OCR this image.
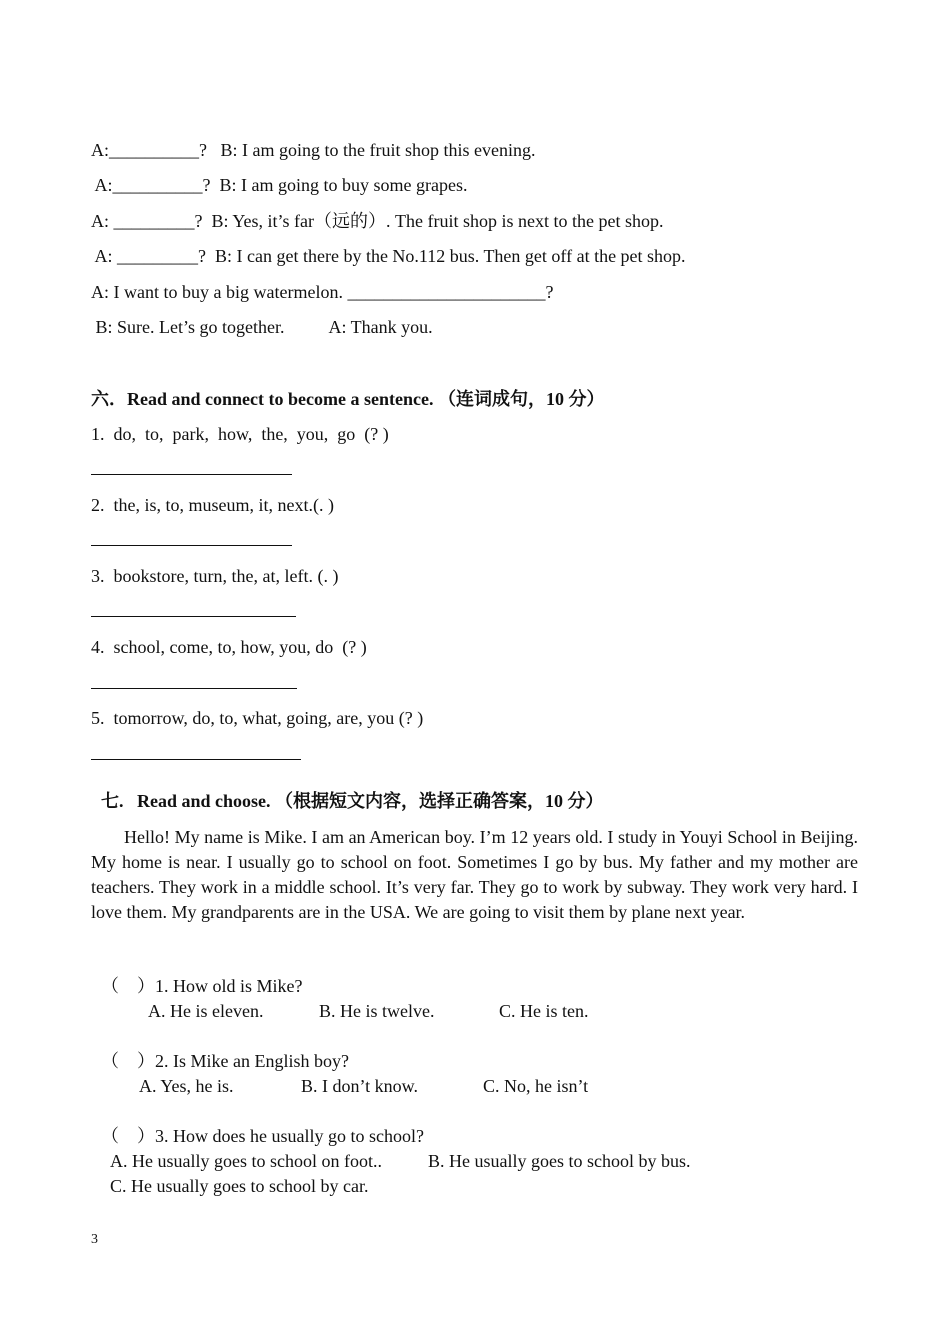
A:__________?   B: I am going to the fruit shop this evening.
A:__________?  B: I am going to buy some grapes.
A: _________?  B: Yes, it’s far（远的）. The fruit shop is next to the pet shop.
A: _________?  B: I can get there by the No.112 bus. Then get off at the pet shop.
A: I want to buy a big watermelon. ______________________?
B: Sure. Let’s go together.          A: Thank you.
六．Read and connect to become a sentence. （连词成句，10 分）
1.  do,  to,  park,  how,  the,  you,  go  (? )
2.  the, is, to, museum, it, next.(. )
3.  bookstore, turn, the, at, left. (. )
4.  school, come, to, how, you, do  (? )
5.  tomorrow, do, to, what, going, are, you (? )
七.   Read and choose. （根据短文内容，选择正确答案，10 分）
Hello! My name is Mike. I am an American boy. I’m 12 years old. I study in Youyi School in Beijing. My home is near. I usually go to school on foot. Sometimes I go by bus. My father and my mother are teachers. They work in a middle school. It’s very far. They go to work by subway. They work very hard. I love them. My grandparents are in the USA. We are going to visit them by plane next year.
（    ）1. How old is Mike?
A. He is eleven.	B. He is twelve.	C. He is ten.
（    ）2. Is Mike an English boy?
A. Yes, he is.	B. I don’t know.	C. No, he isn’t
（    ）3. How does he usually go to school?
A. He usually goes to school on foot..	B. He usually goes to school by bus.
C. He usually goes to school by car.
3
